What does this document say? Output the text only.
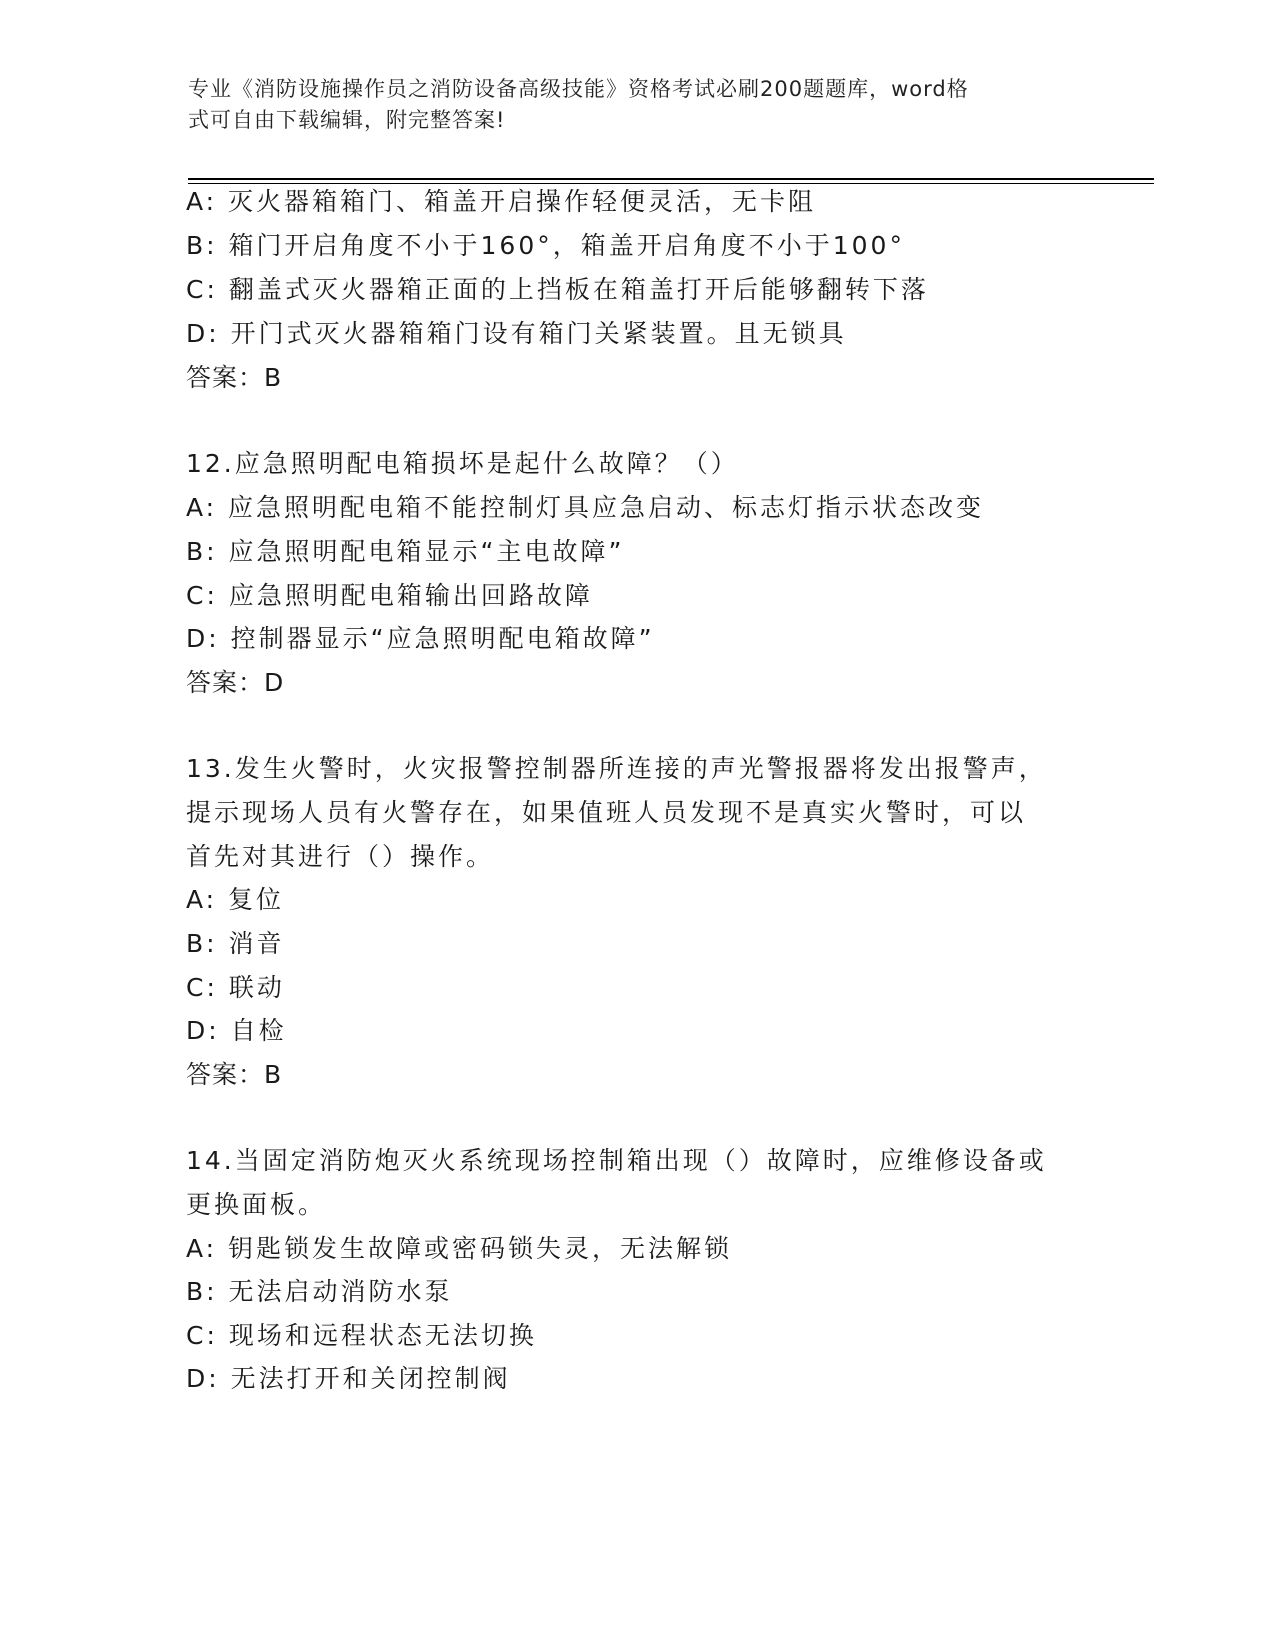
专业《消防设施操作员之消防设备高级技能》资格考试必刷200题题库，word格
式可自由下载编辑，附完整答案!
A: 灭火器箱箱门、箱盖开启操作轻便灵活，无卡阻
B: 箱门开启角度不小于160°，箱盖开启角度不小于100°
C: 翻盖式灭火器箱正面的上挡板在箱盖打开后能够翻转下落
D: 开门式灭火器箱箱门设有箱门关紧装置。且无锁具
答案：B
12.应急照明配电箱损坏是起什么故障？（）
A: 应急照明配电箱不能控制灯具应急启动、标志灯指示状态改变
B: 应急照明配电箱显示“主电故障”
C: 应急照明配电箱输出回路故障
D: 控制器显示“应急照明配电箱故障”
答案：D
13.发生火警时，火灾报警控制器所连接的声光警报器将发出报警声，
提示现场人员有火警存在，如果值班人员发现不是真实火警时，可以
首先对其进行（）操作。
A: 复位
B: 消音
C: 联动
D: 自检
答案：B
14.当固定消防炮灭火系统现场控制箱出现（）故障时，应维修设备或
更换面板。
A: 钥匙锁发生故障或密码锁失灵，无法解锁
B: 无法启动消防水泵
C: 现场和远程状态无法切换
D: 无法打开和关闭控制阀
